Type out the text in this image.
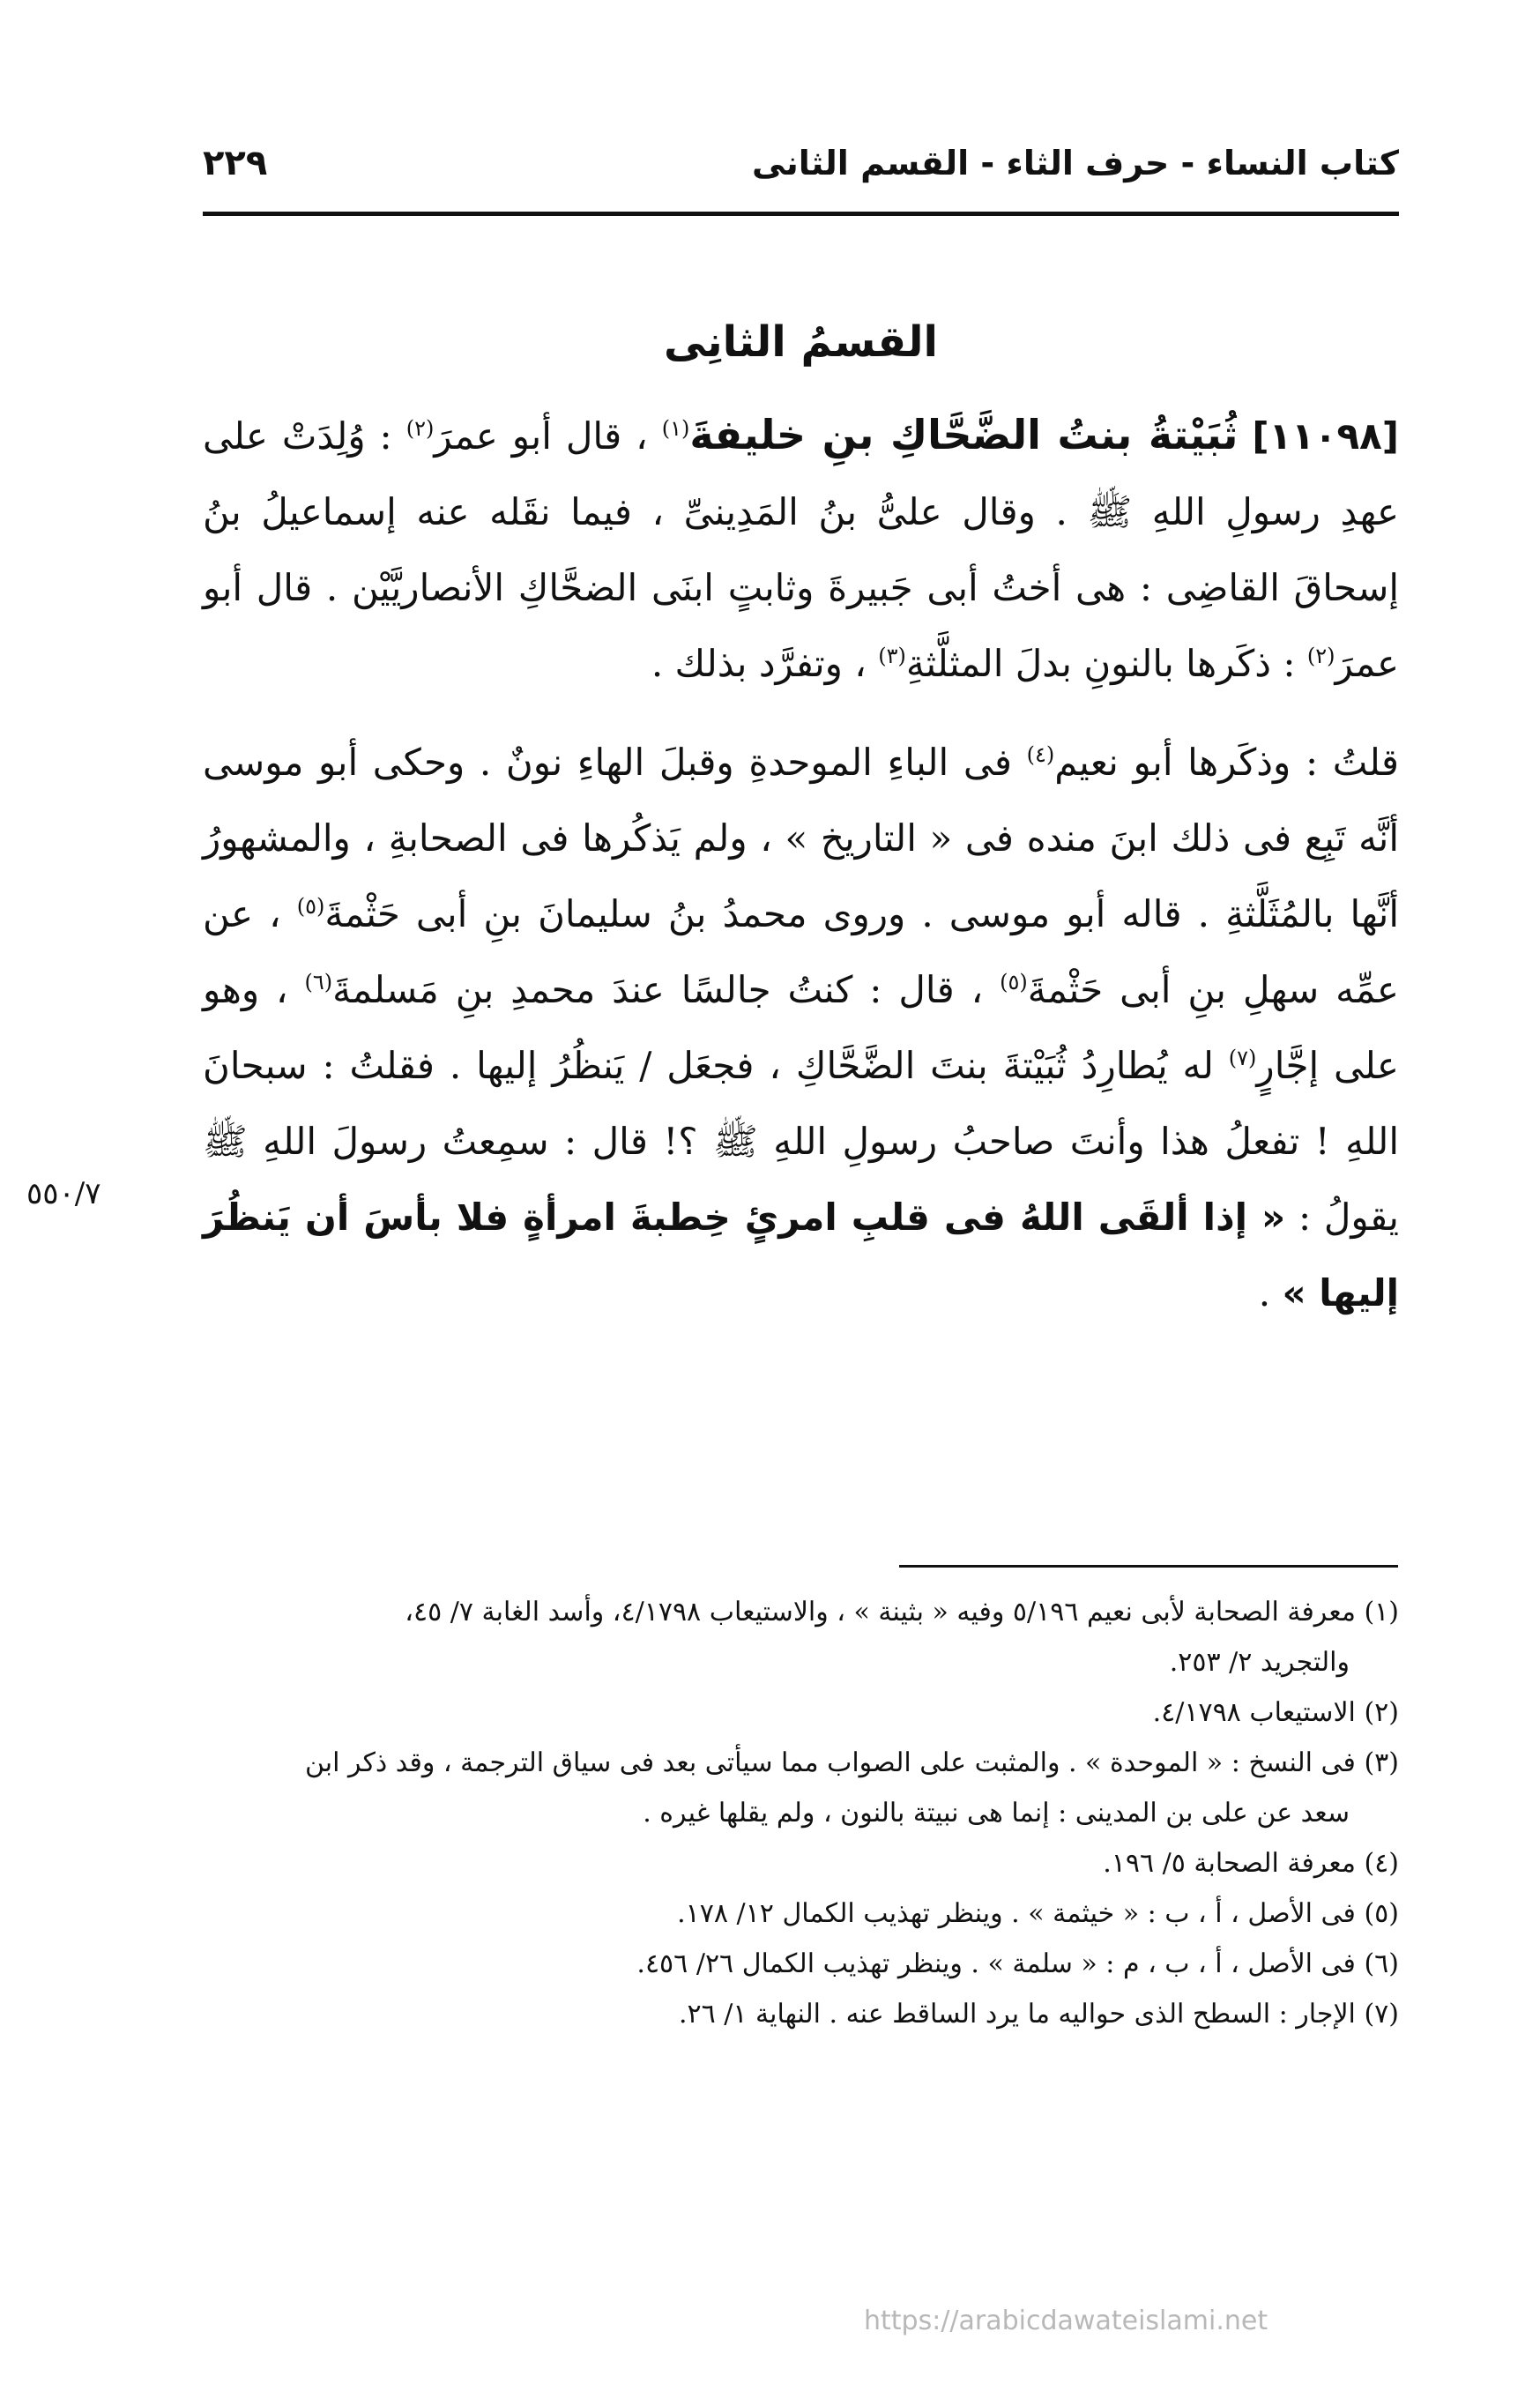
كتاب النساء - حرف الثاء - القسم الثانى
٢٢٩
القسمُ الثانِى

[١١٠٩٨] ثُبَيْتةُ بنتُ الضَّحَّاكِ بنِ خليفةَ$^{(١)}$ ، قال أبو عمرَ$^{(٢)}$ : وُلِدَتْ على عهدِ رسولِ اللهِ ﷺ . وقال علىُّ بنُ المَدِينىِّ ، فيما نقَله عنه إسماعيلُ بنُ إسحاقَ القاضِى : هى أختُ أبى جَبيرةَ وثابتٍ ابنَى الضحَّاكِ الأنصاريَّيْن . قال أبو عمرَ$^{(٢)}$ : ذكَرها بالنونِ بدلَ المثلَّثةِ$^{(٣)}$ ، وتفرَّد بذلك .

قلتُ : وذكَرها أبو نعيم$^{(٤)}$ فى الباءِ الموحدةِ وقبلَ الهاءِ نونٌ . وحكى أبو موسى أنَّه تَبِع فى ذلك ابنَ منده فى « التاريخ » ، ولم يَذكُرها فى الصحابةِ ، والمشهورُ أنَّها بالمُثَلَّثةِ . قاله أبو موسى . وروى محمدُ بنُ سليمانَ بنِ أبى حَثْمةَ$^{(٥)}$ ، عن عمِّه سهلِ بنِ أبى حَثْمةَ$^{(٥)}$ ، قال : كنتُ جالسًا عندَ محمدِ بنِ مَسلمةَ$^{(٦)}$ ، وهو على إجَّارٍ$^{(٧)}$ له يُطارِدُ ثُبَيْتةَ بنتَ الضَّحَّاكِ ، فجعَل / يَنظُرُ إليها . فقلتُ : سبحانَ اللهِ ! تفعلُ هذا وأنتَ صاحبُ رسولِ اللهِ ﷺ ؟! قال : سمِعتُ رسولَ اللهِ ﷺ يقولُ : « إذا ألقَى اللهُ فى قلبِ امرئٍ خِطبةَ امرأةٍ فلا بأسَ أن يَنظُرَ إليها » .

٥٥٠/٧

(١) معرفة الصحابة لأبى نعيم ٥/١٩٦ وفيه « بثينة » ، والاستيعاب ٤/١٧٩٨، وأسد الغابة ٧/ ٤٥،
والتجريد ٢/ ٢٥٣.

(٢) الاستيعاب ٤/١٧٩٨.

(٣) فى النسخ : « الموحدة » . والمثبت على الصواب مما سيأتى بعد فى سياق الترجمة ، وقد ذكر ابن
سعد عن على بن المدينى : إنما هى نبيتة بالنون ، ولم يقلها غيره .

(٤) معرفة الصحابة ٥/ ١٩٦.

(٥) فى الأصل ، أ ، ب : « خيثمة » . وينظر تهذيب الكمال ١٢/ ١٧٨.

(٦) فى الأصل ، أ ، ب ، م : « سلمة » . وينظر تهذيب الكمال ٢٦/ ٤٥٦.

(٧) الإجار : السطح الذى حواليه ما يرد الساقط عنه . النهاية ١/ ٢٦.

https://arabicdawateislami.net
